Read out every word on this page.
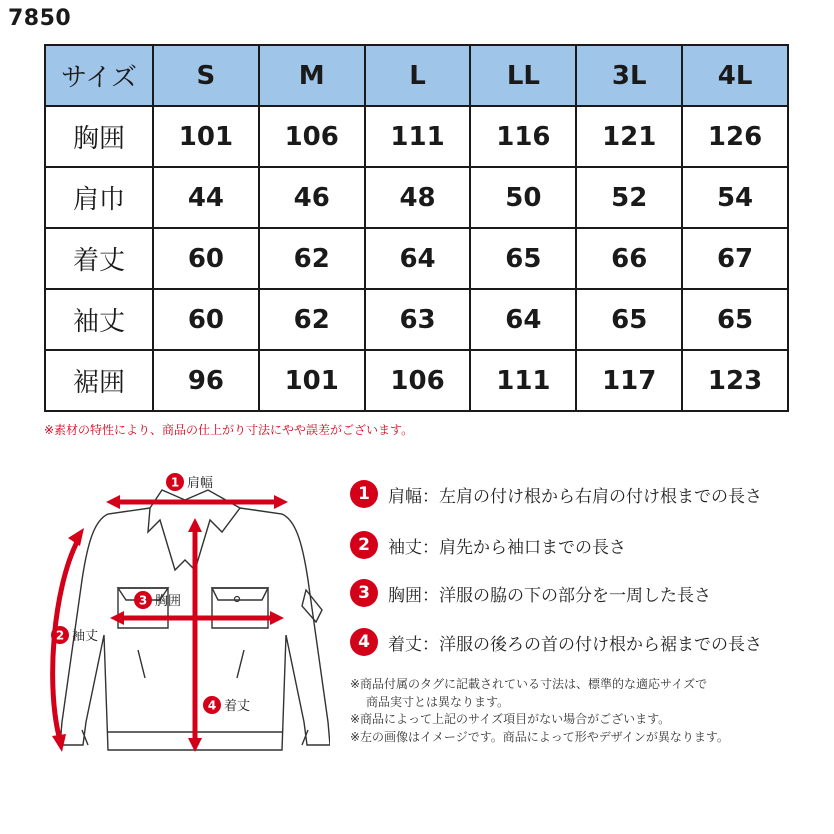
7850
サイズ	S	M	L	LL	3L	4L
胸囲	101	106	111	116	121	126
肩巾	44	46	48	50	52	54
着丈	60	62	64	65	66	67
袖丈	60	62	63	64	65	65
裾囲	96	101	106	111	117	123
※素材の特性により、商品の仕上がり寸法にやや誤差がございます。
1 肩幅
3 胸囲
2 袖丈
4 着丈
1	肩幅：左肩の付け根から右肩の付け根までの長さ
2	袖丈：肩先から袖口までの長さ
3	胸囲：洋服の脇の下の部分を一周した長さ
4	着丈：洋服の後ろの首の付け根から裾までの長さ
※商品付属のタグに記載されている寸法は、標準的な適応サイズで
商品実寸とは異なります。
※商品によって上記のサイズ項目がない場合がございます。
※左の画像はイメージです。商品によって形やデザインが異なります。
